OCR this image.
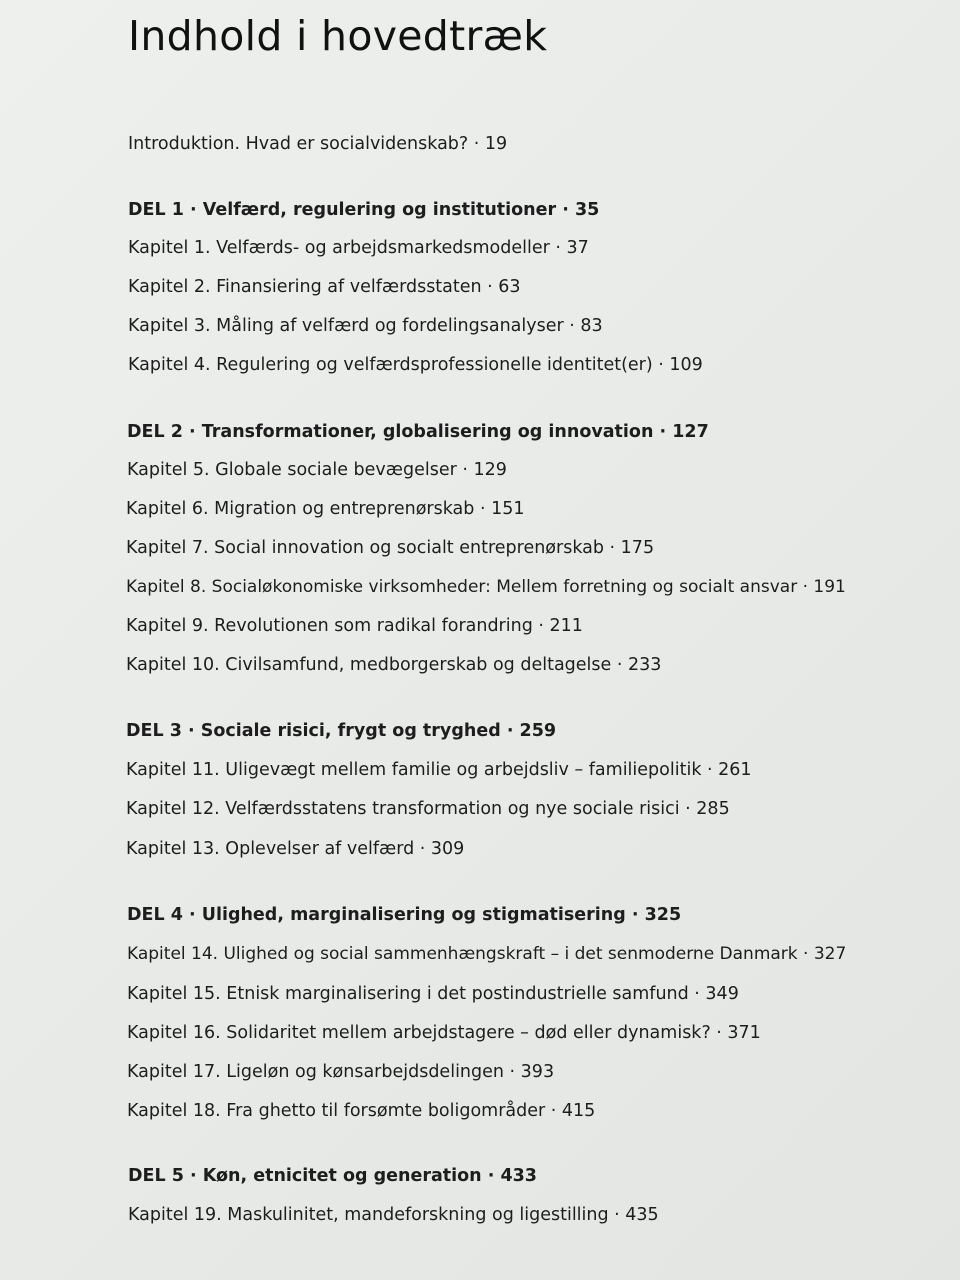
Indhold i hovedtræk
Introduktion. Hvad er socialvidenskab? · 19
DEL 1 · Velfærd, regulering og institutioner · 35
Kapitel 1. Velfærds- og arbejdsmarkedsmodeller · 37
Kapitel 2. Finansiering af velfærdsstaten · 63
Kapitel 3. Måling af velfærd og fordelingsanalyser · 83
Kapitel 4. Regulering og velfærdsprofessionelle identitet(er) · 109
DEL 2 · Transformationer, globalisering og innovation · 127
Kapitel 5. Globale sociale bevægelser · 129
Kapitel 6. Migration og entreprenørskab · 151
Kapitel 7. Social innovation og socialt entreprenørskab · 175
Kapitel 8. Socialøkonomiske virksomheder: Mellem forretning og socialt ansvar · 191
Kapitel 9. Revolutionen som radikal forandring · 211
Kapitel 10. Civilsamfund, medborgerskab og deltagelse · 233
DEL 3 · Sociale risici, frygt og tryghed · 259
Kapitel 11. Uligevægt mellem familie og arbejdsliv – familiepolitik · 261
Kapitel 12. Velfærdsstatens transformation og nye sociale risici · 285
Kapitel 13. Oplevelser af velfærd · 309
DEL 4 · Ulighed, marginalisering og stigmatisering · 325
Kapitel 14. Ulighed og social sammenhængskraft – i det senmoderne Danmark · 327
Kapitel 15. Etnisk marginalisering i det postindustrielle samfund · 349
Kapitel 16. Solidaritet mellem arbejdstagere – død eller dynamisk? · 371
Kapitel 17. Ligeløn og kønsarbejdsdelingen · 393
Kapitel 18. Fra ghetto til forsømte boligområder · 415
DEL 5 · Køn, etnicitet og generation · 433
Kapitel 19. Maskulinitet, mandeforskning og ligestilling · 435
